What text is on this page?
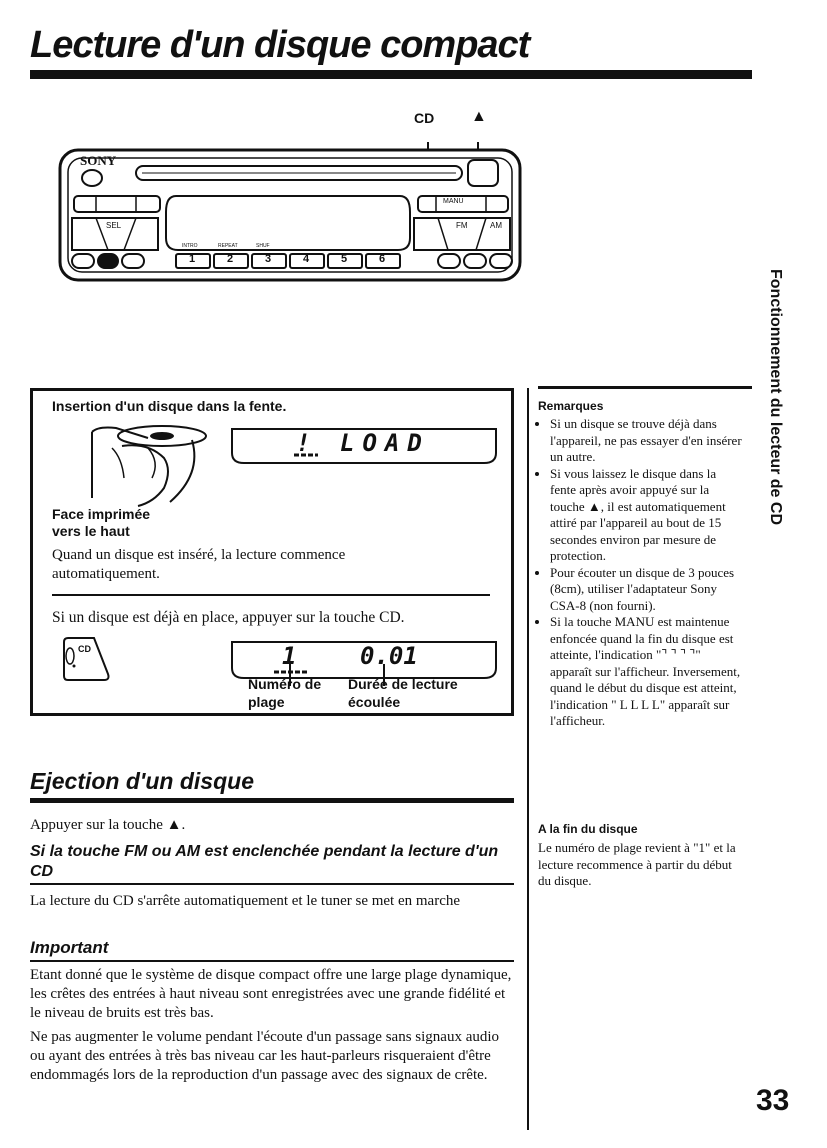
Lecture d'un disque compact
CD ▲
SONY
SEL	FM	AM
MANU
INTRO	REPEAT	SHUF
1	2	3	4	5	6
Fonctionnement du lecteur de CD
Insertion d'un disque dans la fente.
! LOAD
Face imprimée
vers le haut
Quand un disque est inséré, la lecture commence automatiquement.
Si un disque est déjà en place, appuyer sur la touche CD.
CD	1	0.01
Numéro de
plage
Durée de lecture
écoulée
Ejection d'un disque
Appuyer sur la touche ▲.
Si la touche FM ou AM est enclenchée pendant la lecture d'un CD
La lecture du CD s'arrête automatiquement et le tuner se met en marche
Important
Etant donné que le système de disque compact offre une large plage dynamique, les crêtes des entrées à haut niveau sont enregistrées avec une grande fidélité et le niveau de bruits est très bas.
Ne pas augmenter le volume pendant l'écoute d'un passage sans signaux audio ou ayant des entrées à très bas niveau car les haut-parleurs risqueraient d'être endommagés lors de la reproduction d'un passage avec des signaux de crête.
Remarques
• Si un disque se trouve déjà dans l'appareil, ne pas essayer d'en insérer un autre.
• Si vous laissez le disque dans la fente après avoir appuyé sur la touche ▲, il est automatiquement attiré par l'appareil au bout de 15 secondes environ par mesure de protection.
• Pour écouter un disque de 3 pouces (8cm), utiliser l'adaptateur Sony CSA-8 (non fourni).
• Si la touche MANU est maintenue enfoncée quand la fin du disque est atteinte, l'indication "⌝ ⌝ ⌝ ⌝" apparaît sur l'afficheur. Inversement, quand le début du disque est atteint, l'indication " L L L L" apparaît sur l'afficheur.
A la fin du disque
Le numéro de plage revient à "1" et la lecture recommence à partir du début du disque.
33
